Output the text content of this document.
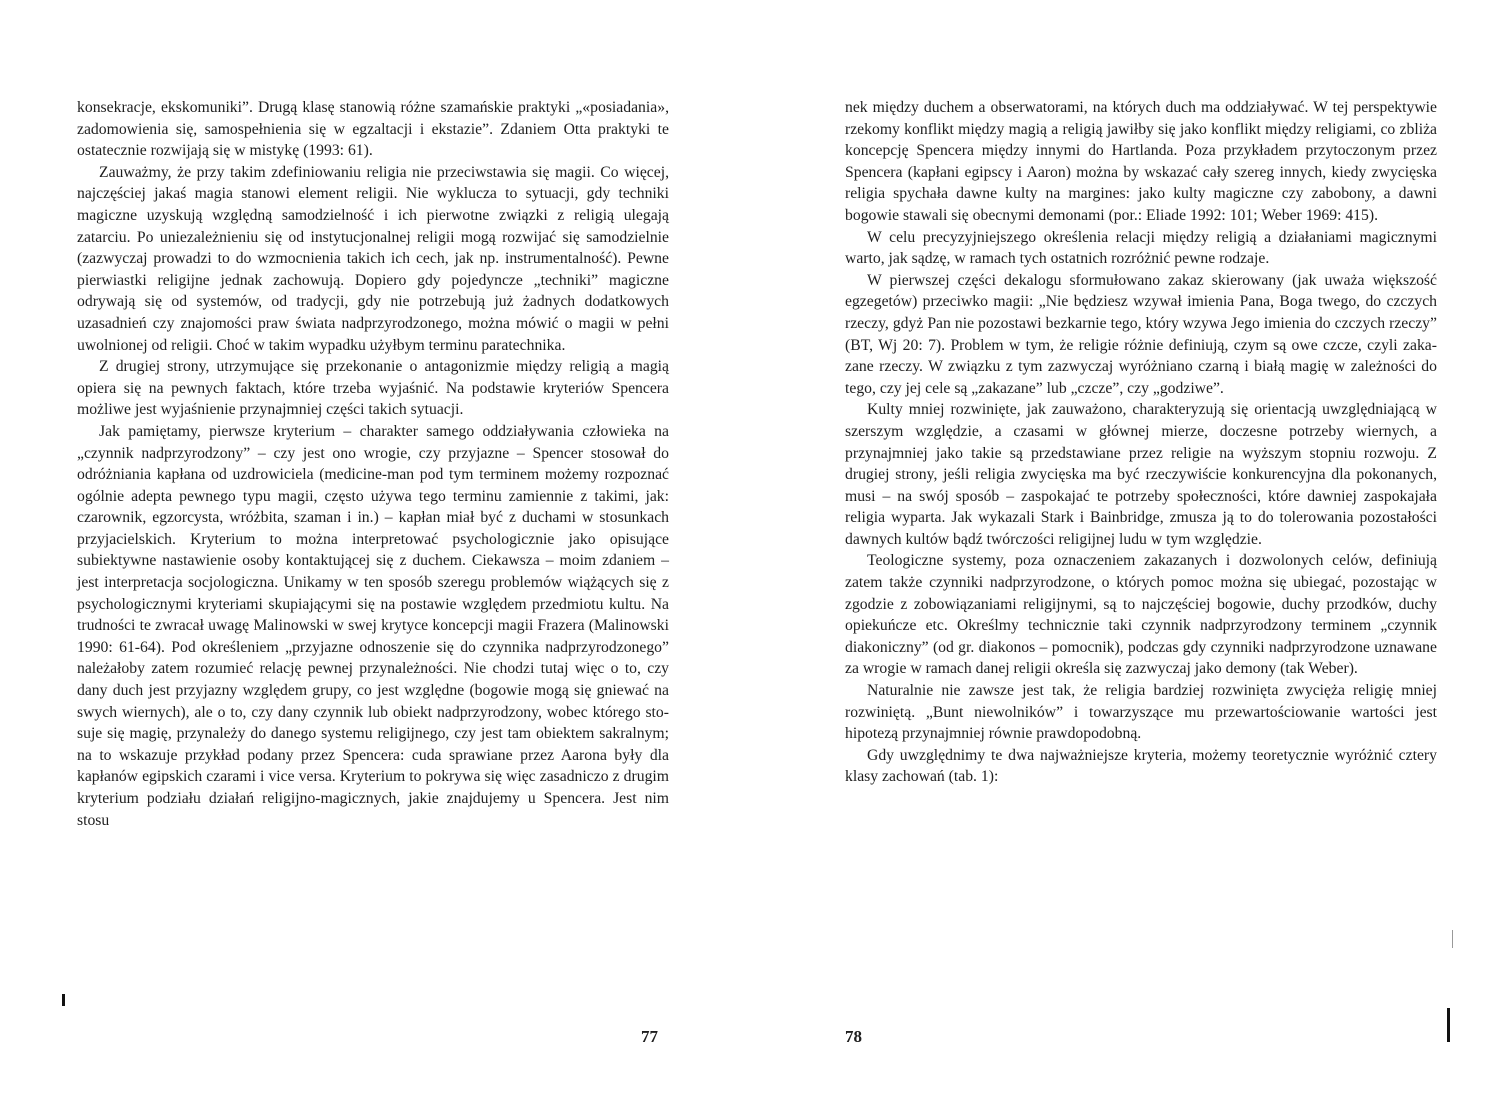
konsekracje, ekskomuniki”. Drugą klasę stanowią różne szamańskie praktyki „«posiadania», zadomowienia się, samospełnienia się w egzaltacji i ekstazie”. Zdaniem Otta praktyki te ostatecznie rozwijają się w mistykę (1993: 61).

Zauważmy, że przy takim zdefiniowaniu religia nie przeciwstawia się magii. Co więcej, najczęściej jakaś magia stanowi element religii. Nie wyklucza to sytuacji, gdy techniki magiczne uzyskują względną samodzielność i ich pierwotne związki z religią ulegają zatarciu. Po uniezależnieniu się od instytucjonalnej religii mogą rozwijać się samodzielnie (zazwyczaj prowadzi to do wzmocnienia takich ich cech, jak np. instrumentalność). Pewne pierwiastki religijne jednak zachowują. Dopiero gdy pojedyncze „techniki” magiczne odrywają się od systemów, od tradycji, gdy nie potrzebują już żadnych dodatkowych uzasadnień czy znajomości praw świata nadprzyrodzonego, można mówić o magii w pełni uwolnionej od religii. Choć w takim wypadku użyłbym terminu paratechnika.

Z drugiej strony, utrzymujące się przekonanie o antagonizmie między religią a magią opiera się na pewnych faktach, które trzeba wyjaśnić. Na podstawie kryteriów Spencera możliwe jest wyjaśnienie przynajmniej części takich sytuacji.

Jak pamiętamy, pierwsze kryterium – charakter samego oddziaływania człowieka na „czynnik nadprzyrodzony” – czy jest ono wrogie, czy przyjazne – Spencer stosował do odróżniania kapłana od uzdrowiciela (medicine-man pod tym terminem możemy rozpoznać ogólnie adepta pewnego typu magii, często używa tego terminu zamiennie z takimi, jak: czarownik, egzorcysta, wróżbita, szaman i in.) – kapłan miał być z duchami w stosunkach przyjacielskich. Kryterium to można interpretować psychologicznie jako opisujące subiektywne nastawienie osoby kontaktującej się z duchem. Ciekawsza – moim zdaniem – jest interpretacja socjologiczna. Unikamy w ten sposób szeregu problemów wiążących się z psychologicznymi kryteriami skupiającymi się na postawie względem przedmiotu kultu. Na trudności te zwracał uwagę Malinowski w swej krytyce koncepcji magii Frazera (Malinowski 1990: 61-64). Pod określeniem „przyjazne odnoszenie się do czynnika nadprzyrodzonego” należałoby zatem rozumieć relację pewnej przynależności. Nie chodzi tutaj więc o to, czy dany duch jest przyjazny względem grupy, co jest względne (bogowie mogą się gniewać na swych wiernych), ale o to, czy dany czynnik lub obiekt nadprzyrodzony, wobec którego stosuje się magię, przynależy do danego systemu religijnego, czy jest tam obiektem sakralnym; na to wskazuje przykład podany przez Spencera: cuda sprawiane przez Aarona były dla kapłanów egipskich czarami i vice versa. Kryterium to pokrywa się więc zasadniczo z drugim kryterium podziału działań religijno-magicznych, jakie znajdujemy u Spencera. Jest nim stosu

nek między duchem a obserwatorami, na których duch ma oddziaływać. W tej perspektywie rzekomy konflikt między magią a religią jawiłby się jako konflikt między religiami, co zbliża koncepcję Spencera między innymi do Hartlanda. Poza przykładem przytoczonym przez Spencera (kapłani egipscy i Aaron) można by wskazać cały szereg innych, kiedy zwycięska religia spychała dawne kulty na margines: jako kulty magiczne czy zabobony, a dawni bogowie stawali się obecnymi demonami (por.: Eliade 1992: 101; Weber 1969: 415).

W celu precyzyjniejszego określenia relacji między religią a działaniami magicznymi warto, jak sądzę, w ramach tych ostatnich rozróżnić pewne rodzaje.

W pierwszej części dekalogu sformułowano zakaz skierowany (jak uważa większość egzegetów) przeciwko magii: „Nie będziesz wzywał imienia Pana, Boga twego, do czczych rzeczy, gdyż Pan nie pozostawi bezkarnie tego, który wzywa Jego imienia do czczych rzeczy” (BT, Wj 20: 7). Problem w tym, że religie różnie definiują, czym są owe czcze, czyli zakazane rzeczy. W związku z tym zazwyczaj wyróżniano czarną i białą magię w zależności do tego, czy jej cele są „zakazane” lub „czcze”, czy „godziwe”.

Kulty mniej rozwinięte, jak zauważono, charakteryzują się orientacją uwzględniającą w szerszym względzie, a czasami w głównej mierze, doczesne potrzeby wiernych, a przynajmniej jako takie są przedstawiane przez religie na wyższym stopniu rozwoju. Z drugiej strony, jeśli religia zwycięska ma być rzeczywiście konkurencyjna dla pokonanych, musi – na swój sposób – zaspokajać te potrzeby społeczności, które dawniej zaspokajała religia wyparta. Jak wykazali Stark i Bainbridge, zmusza ją to do tolerowania pozostałości dawnych kultów bądź twórczości religijnej ludu w tym względzie.

Teologiczne systemy, poza oznaczeniem zakazanych i dozwolonych celów, definiują zatem także czynniki nadprzyrodzone, o których pomoc można się ubiegać, pozostając w zgodzie z zobowiązaniami religijnymi, są to najczęściej bogowie, duchy przodków, duchy opiekuńcze etc. Określmy technicznie taki czynnik nadprzyrodzony terminem „czynnik diakoniczny” (od gr. diakonos – pomocnik), podczas gdy czynniki nadprzyrodzone uznawane za wrogie w ramach danej religii określa się zazwyczaj jako demony (tak Weber).

Naturalnie nie zawsze jest tak, że religia bardziej rozwinięta zwycięża religię mniej rozwiniętą. „Bunt niewolników” i towarzyszące mu przewartościowanie wartości jest hipotezą przynajmniej równie prawdopodobną.

Gdy uwzględnimy te dwa najważniejsze kryteria, możemy teoretycznie wyróżnić cztery klasy zachowań (tab. 1):

77	78
